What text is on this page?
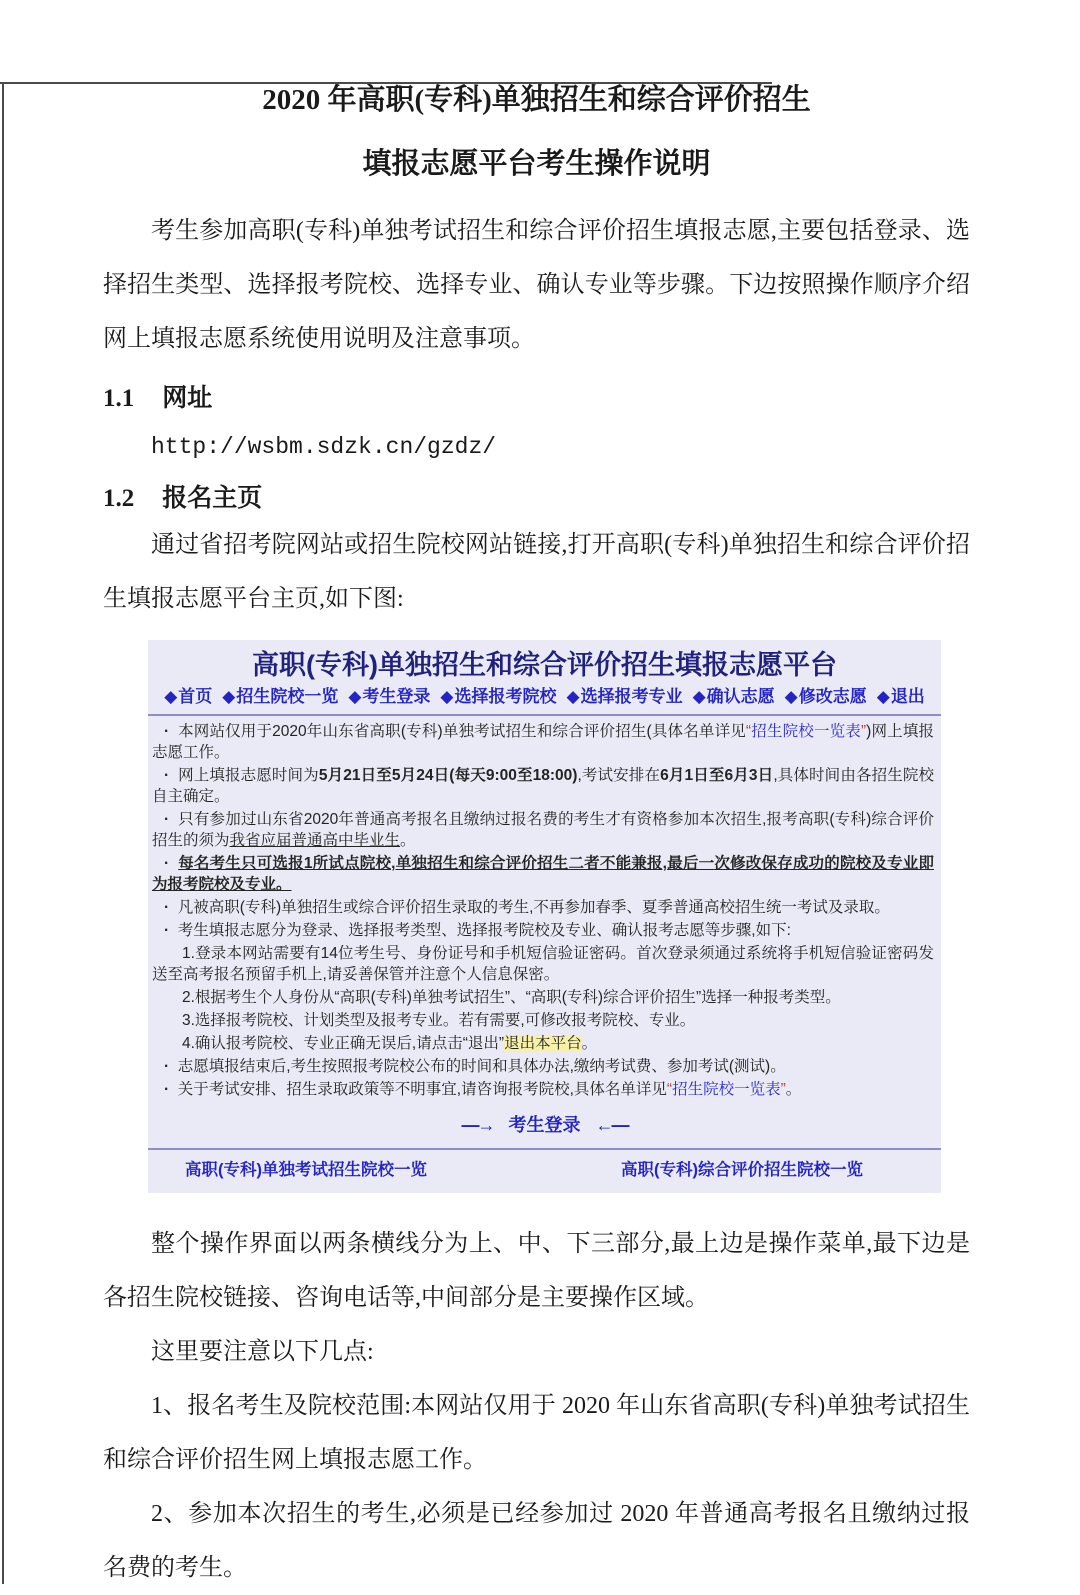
2020 年高职(专科)单独招生和综合评价招生
填报志愿平台考生操作说明

考生参加高职(专科)单独考试招生和综合评价招生填报志愿,主要包括登录、选择招生类型、选择报考院校、选择专业、确认专业等步骤。下边按照操作顺序介绍网上填报志愿系统使用说明及注意事项。

1.1 网址
http://wsbm.sdzk.cn/gzdz/
1.2 报名主页

通过省招考院网站或招生院校网站链接,打开高职(专科)单独招生和综合评价招生填报志愿平台主页,如下图:

高职(专科)单独招生和综合评价招生填报志愿平台
◆首页 ◆招生院校一览 ◆考生登录 ◆选择报考院校 ◆选择报考专业 ◆确认志愿 ◆修改志愿 ◆退出
·  本网站仅用于2020年山东省高职(专科)单独考试招生和综合评价招生(具体名单详见“招生院校一览表”)网上填报志愿工作。
·  网上填报志愿时间为5月21日至5月24日(每天9:00至18:00),考试安排在6月1日至6月3日,具体时间由各招生院校自主确定。
·  只有参加过山东省2020年普通高考报名且缴纳过报名费的考生才有资格参加本次招生,报考高职(专科)综合评价招生的须为我省应届普通高中毕业生。
·  每名考生只可选报1所试点院校,单独招生和综合评价招生二者不能兼报,最后一次修改保存成功的院校及专业即为报考院校及专业。
·  凡被高职(专科)单独招生或综合评价招生录取的考生,不再参加春季、夏季普通高校招生统一考试及录取。
·  考生填报志愿分为登录、选择报考类型、选择报考院校及专业、确认报考志愿等步骤,如下:
1.登录本网站需要有14位考生号、身份证号和手机短信验证密码。首次登录须通过系统将手机短信验证密码发送至高考报名预留手机上,请妥善保管并注意个人信息保密。
2.根据考生个人身份从“高职(专科)单独考试招生”、“高职(专科)综合评价招生”选择一种报考类型。
3.选择报考院校、计划类型及报考专业。若有需要,可修改报考院校、专业。
4.确认报考院校、专业正确无误后,请点击“退出”退出本平台。
·  志愿填报结束后,考生按照报考院校公布的时间和具体办法,缴纳考试费、参加考试(测试)。
·  关于考试安排、招生录取政策等不明事宜,请咨询报考院校,具体名单详见“招生院校一览表”。
—→ 考生登录 ←—
高职(专科)单独考试招生院校一览	高职(专科)综合评价招生院校一览

整个操作界面以两条横线分为上、中、下三部分,最上边是操作菜单,最下边是各招生院校链接、咨询电话等,中间部分是主要操作区域。

这里要注意以下几点:

1、报名考生及院校范围:本网站仅用于 2020 年山东省高职(专科)单独考试招生和综合评价招生网上填报志愿工作。

2、参加本次招生的考生,必须是已经参加过 2020 年普通高考报名且缴纳过报名费的考生。
